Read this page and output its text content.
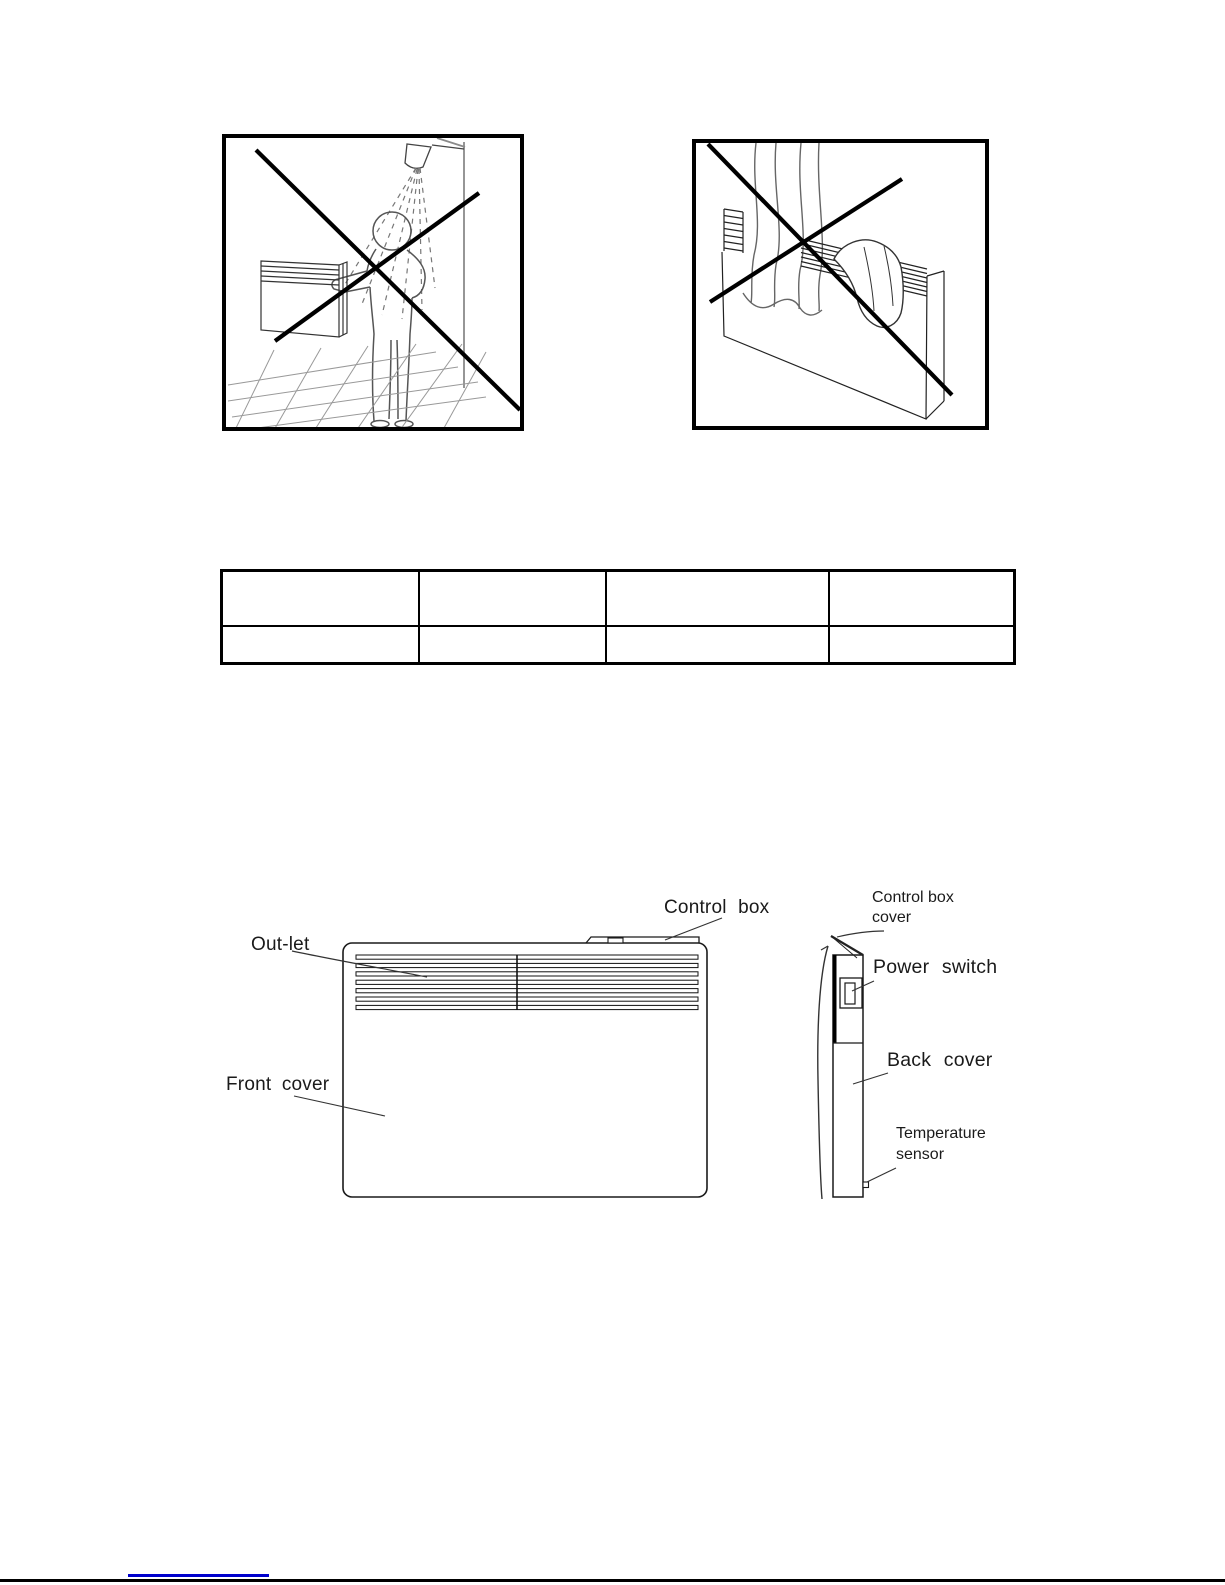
Control box
Out-let
Front cover
Control box cover
Power switch
Back cover
Temperature sensor
